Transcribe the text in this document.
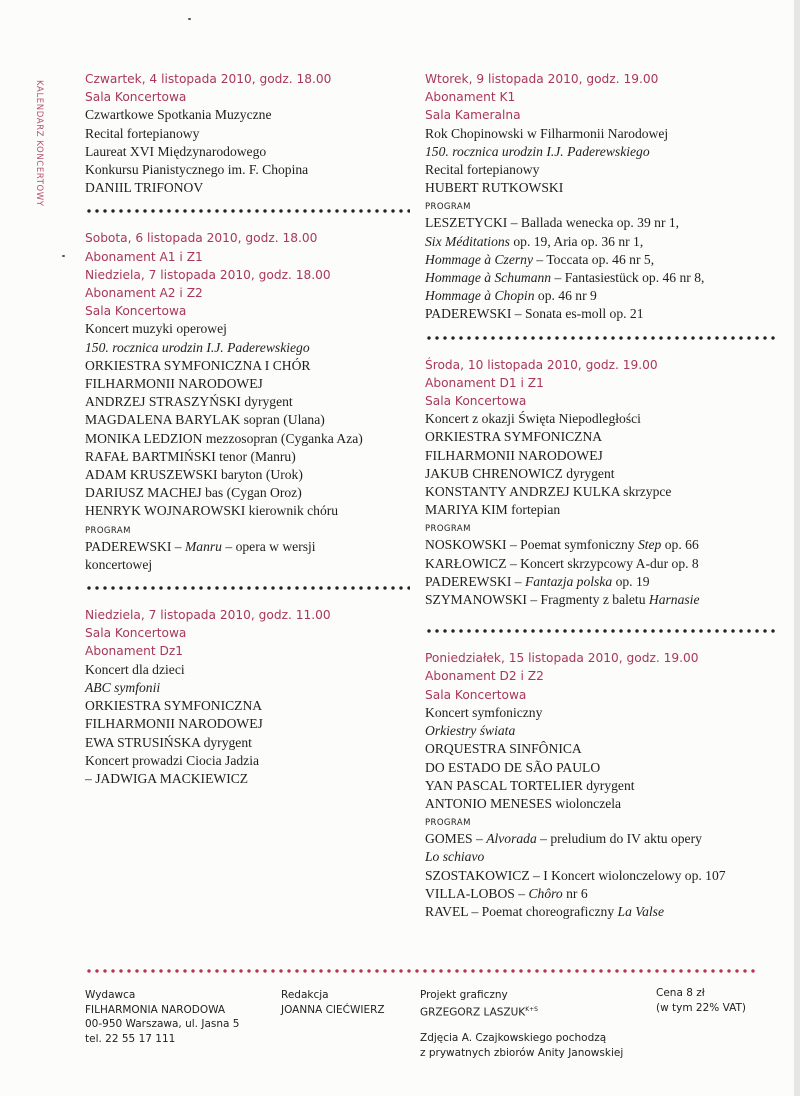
KALENDARZ KONCERTOWY
Czwartek, 4 listopada 2010, godz. 18.00
Sala Koncertowa
Czwartkowe Spotkania Muzyczne
Recital fortepianowy
Laureat XVI Międzynarodowego
Konkursu Pianistycznego im. F. Chopina
DANIIL TRIFONOV
Sobota, 6 listopada 2010, godz. 18.00
Abonament A1 i Z1
Niedziela, 7 listopada 2010, godz. 18.00
Abonament A2 i Z2
Sala Koncertowa
Koncert muzyki operowej
150. rocznica urodzin I.J. Paderewskiego
ORKIESTRA SYMFONICZNA I CHÓR
FILHARMONII NARODOWEJ
ANDRZEJ STRASZYŃSKI dyrygent
MAGDALENA BARYLAK sopran (Ulana)
MONIKA LEDZION mezzosopran (Cyganka Aza)
RAFAŁ BARTMIŃSKI tenor (Manru)
ADAM KRUSZEWSKI baryton (Urok)
DARIUSZ MACHEJ bas (Cygan Oroz)
HENRYK WOJNAROWSKI kierownik chóru
PROGRAM
PADEREWSKI – Manru – opera w wersji
koncertowej
Niedziela, 7 listopada 2010, godz. 11.00
Sala Koncertowa
Abonament Dz1
Koncert dla dzieci
ABC symfonii
ORKIESTRA SYMFONICZNA
FILHARMONII NARODOWEJ
EWA STRUSIŃSKA dyrygent
Koncert prowadzi Ciocia Jadzia
– JADWIGA MACKIEWICZ
Wtorek, 9 listopada 2010, godz. 19.00
Abonament K1
Sala Kameralna
Rok Chopinowski w Filharmonii Narodowej
150. rocznica urodzin I.J. Paderewskiego
Recital fortepianowy
HUBERT RUTKOWSKI
PROGRAM
LESZETYCKI – Ballada wenecka op. 39 nr 1,
Six Méditations op. 19, Aria op. 36 nr 1,
Hommage à Czerny – Toccata op. 46 nr 5,
Hommage à Schumann – Fantasiestück op. 46 nr 8,
Hommage à Chopin op. 46 nr 9
PADEREWSKI – Sonata es-moll op. 21
Środa, 10 listopada 2010, godz. 19.00
Abonament D1 i Z1
Sala Koncertowa
Koncert z okazji Święta Niepodległości
ORKIESTRA SYMFONICZNA
FILHARMONII NARODOWEJ
JAKUB CHRENOWICZ dyrygent
KONSTANTY ANDRZEJ KULKA skrzypce
MARIYA KIM fortepian
PROGRAM
NOSKOWSKI – Poemat symfoniczny Step op. 66
KARŁOWICZ – Koncert skrzypcowy A-dur op. 8
PADEREWSKI – Fantazja polska op. 19
SZYMANOWSKI – Fragmenty z baletu Harnasie
Poniedziałek, 15 listopada 2010, godz. 19.00
Abonament D2 i Z2
Sala Koncertowa
Koncert symfoniczny
Orkiestry świata
ORQUESTRA SINFÔNICA
DO ESTADO DE SÃO PAULO
YAN PASCAL TORTELIER dyrygent
ANTONIO MENESES wiolonczela
PROGRAM
GOMES – Alvorada – preludium do IV aktu opery
Lo schiavo
SZOSTAKOWICZ – I Koncert wiolonczelowy op. 107
VILLA-LOBOS – Chôro nr 6
RAVEL – Poemat choreograficzny La Valse
Wydawca
FILHARMONIA NARODOWA
00-950 Warszawa, ul. Jasna 5
tel. 22 55 17 111
Redakcja
JOANNA CIEĆWIERZ
Projekt graficzny
GRZEGORZ $LASZUK^{K+S}$
Cena 8 zł
(w tym 22% VAT)
Zdjęcia A. Czajkowskiego pochodzą
z prywatnych zbiorów Anity Janowskiej
